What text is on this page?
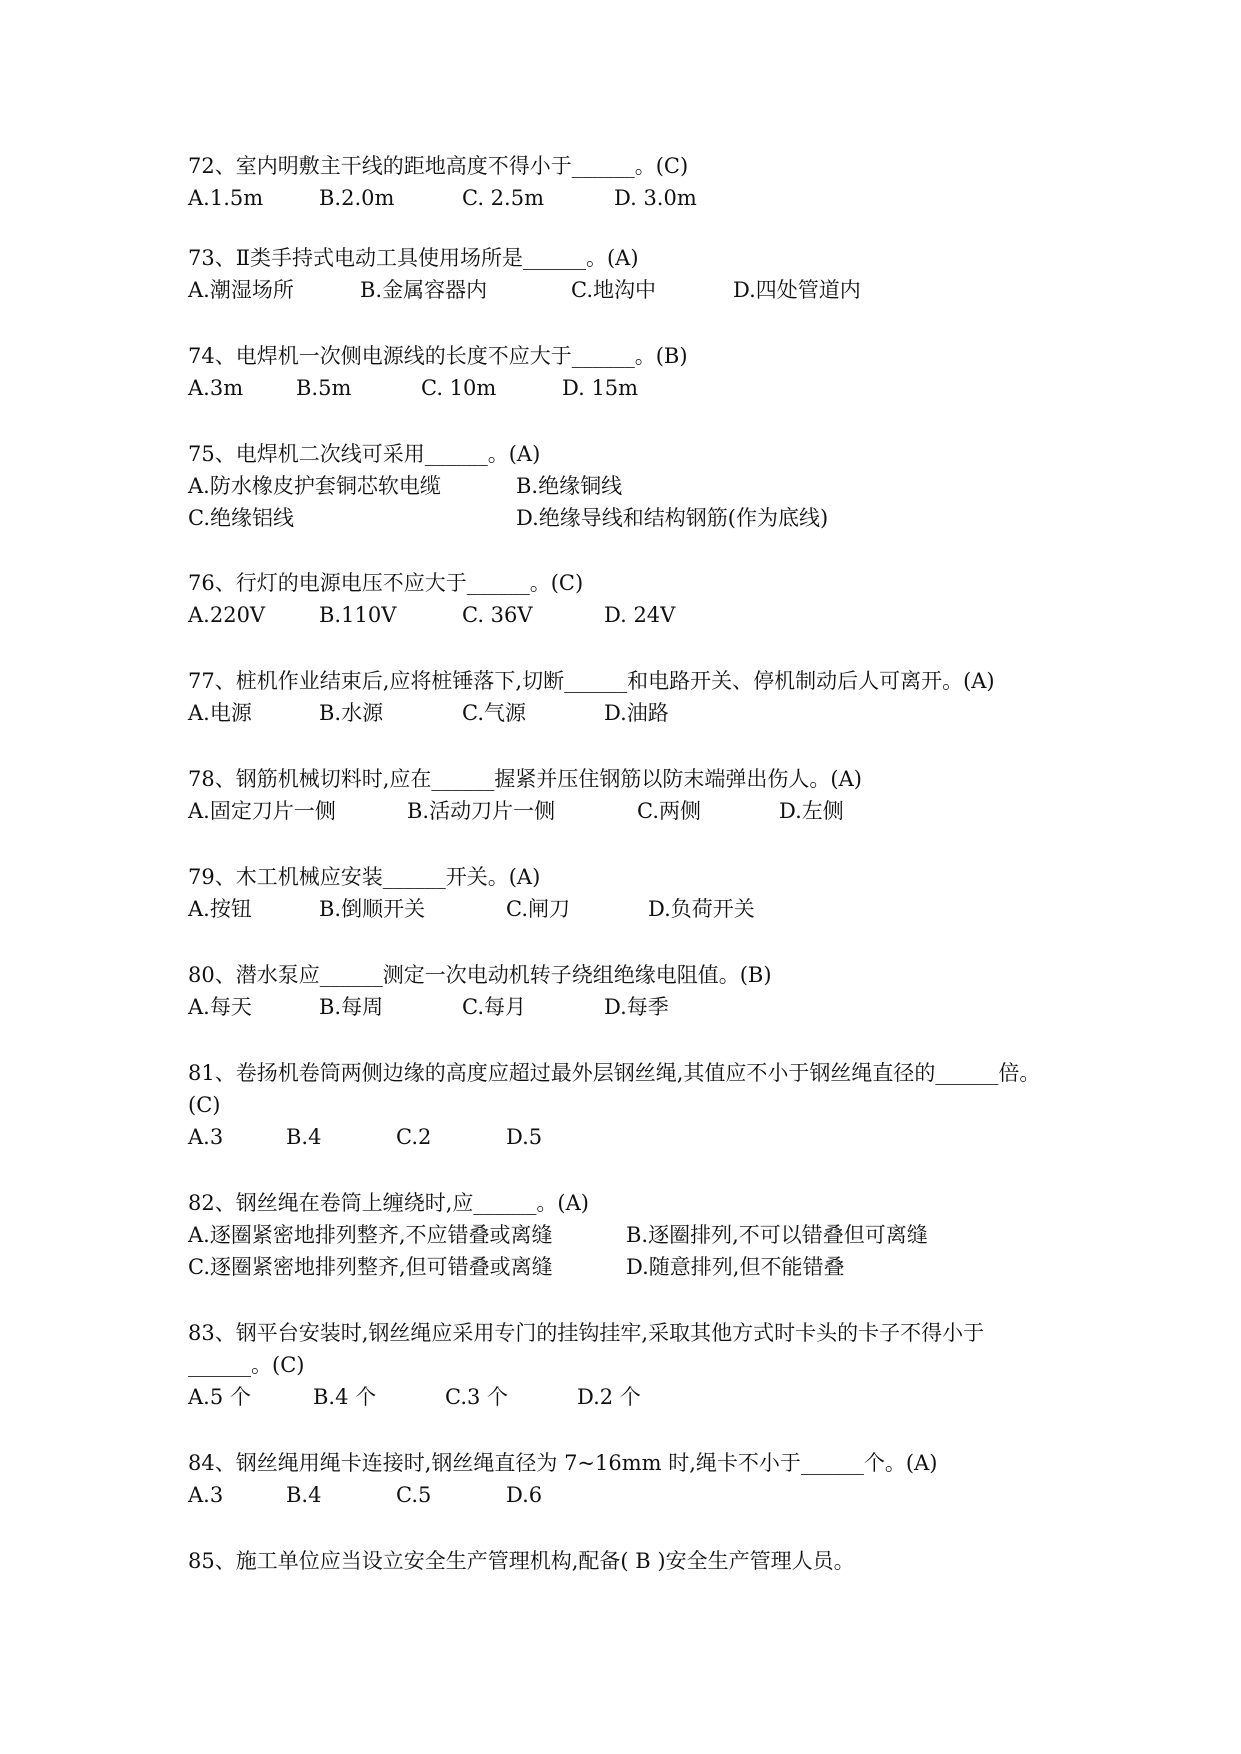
72、室内明敷主干线的距地高度不得小于______。(C)
A.1.5m	B.2.0m	C. 2.5m	D. 3.0m
73、Ⅱ类手持式电动工具使用场所是______。(A)
A.潮湿场所	B.金属容器内	C.地沟中	D.四处管道内
74、电焊机一次侧电源线的长度不应大于______。(B)
A.3m	B.5m	C. 10m	D. 15m
75、电焊机二次线可采用______。(A)
A.防水橡皮护套铜芯软电缆	B.绝缘铜线
C.绝缘铝线	D.绝缘导线和结构钢筋(作为底线)
76、行灯的电源电压不应大于______。(C)
A.220V	B.110V	C. 36V	D. 24V
77、桩机作业结束后,应将桩锤落下,切断______和电路开关、停机制动后人可离开。(A)
A.电源	B.水源	C.气源	D.油路
78、钢筋机械切料时,应在______握紧并压住钢筋以防末端弹出伤人。(A)
A.固定刀片一侧	B.活动刀片一侧	C.两侧	D.左侧
79、木工机械应安装______开关。(A)
A.按钮	B.倒顺开关	C.闸刀	D.负荷开关
80、潜水泵应______测定一次电动机转子绕组绝缘电阻值。(B)
A.每天	B.每周	C.每月	D.每季
81、卷扬机卷筒两侧边缘的高度应超过最外层钢丝绳,其值应不小于钢丝绳直径的______倍。
(C)
A.3	B.4	C.2	D.5
82、钢丝绳在卷筒上缠绕时,应______。(A)
A.逐圈紧密地排列整齐,不应错叠或离缝	B.逐圈排列,不可以错叠但可离缝
C.逐圈紧密地排列整齐,但可错叠或离缝	D.随意排列,但不能错叠
83、钢平台安装时,钢丝绳应采用专门的挂钩挂牢,采取其他方式时卡头的卡子不得小于
______。(C)
A.5 个	B.4 个	C.3 个	D.2 个
84、钢丝绳用绳卡连接时,钢丝绳直径为 7~16mm 时,绳卡不小于______个。(A)
A.3	B.4	C.5	D.6
85、施工单位应当设立安全生产管理机构,配备( B )安全生产管理人员。
